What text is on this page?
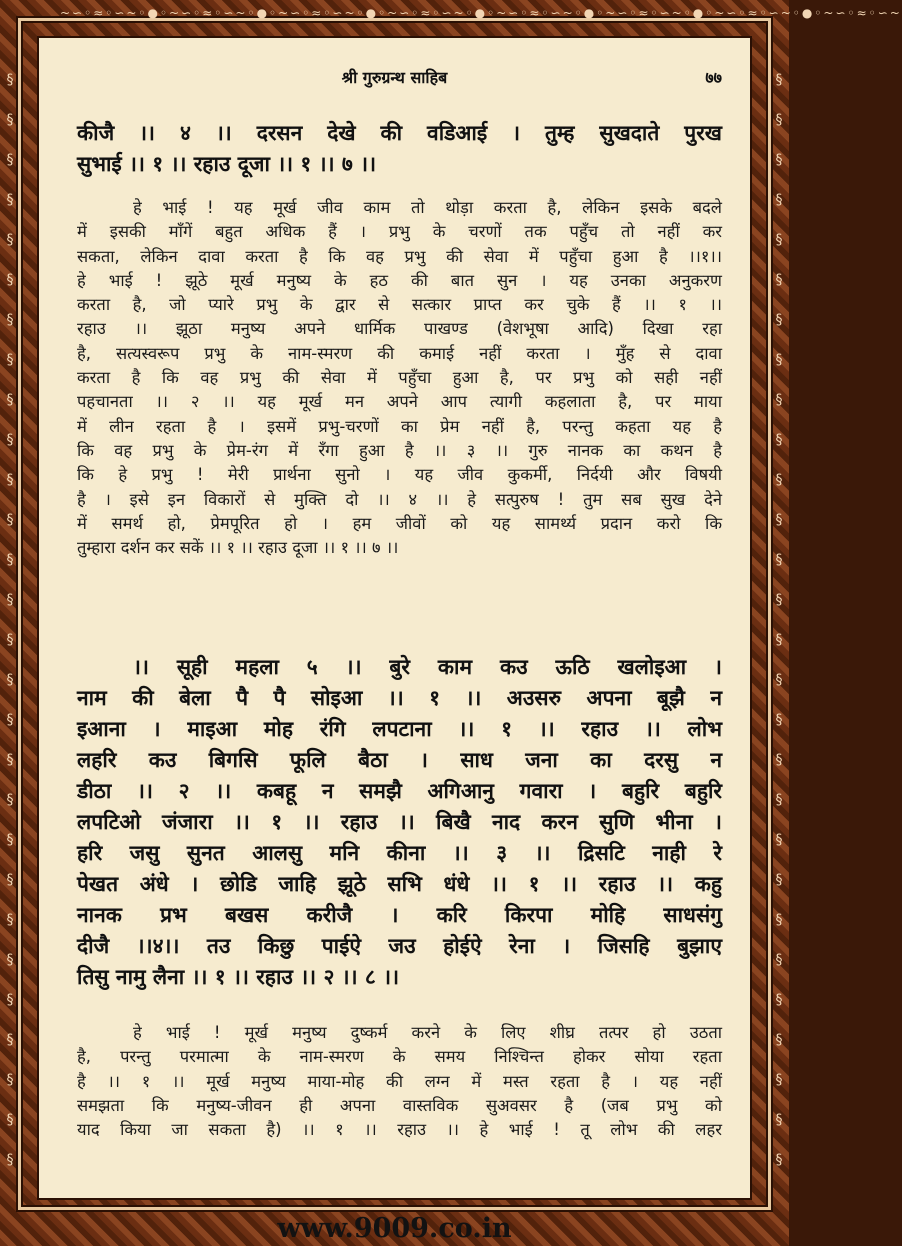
~∽◦≈◦∽~◦●◦~∽◦≈◦∽~◦●◦~∽◦≈◦∽~◦●◦~∽◦≈◦∽~◦●◦~∽◦≈◦∽~◦●◦~∽◦≈◦∽~◦●◦~∽◦≈◦∽~◦●◦~∽◦≈◦∽~
§ § § § § § § § § § § § § § § § § § § § § § § § § § § §
§ § § § § § § § § § § § § § § § § § § § § § § § § § § §
श्री गुरुग्रन्थ साहिब	७७
कीजै ।। ४ ।। दरसन देखे की वडिआई । तुम्ह सुखदाते पुरख
सुभाई ।। १ ।। रहाउ दूजा ।। १ ।। ७ ।।
हे भाई ! यह मूर्ख जीव काम तो थोड़ा करता है, लेकिन इसके बदले
में इसकी माँगें बहुत अधिक हैं । प्रभु के चरणों तक पहुँच तो नहीं कर
सकता, लेकिन दावा करता है कि वह प्रभु की सेवा में पहुँचा हुआ है ।।१।।
हे भाई ! झूठे मूर्ख मनुष्य के हठ की बात सुन । यह उनका अनुकरण
करता है, जो प्यारे प्रभु के द्वार से सत्कार प्राप्त कर चुके हैं ।। १ ।।
रहाउ ।। झूठा मनुष्य अपने धार्मिक पाखण्ड (वेशभूषा आदि) दिखा रहा
है, सत्यस्वरूप प्रभु के नाम-स्मरण की कमाई नहीं करता । मुँह से दावा
करता है कि वह प्रभु की सेवा में पहुँचा हुआ है, पर प्रभु को सही नहीं
पहचानता ।। २ ।। यह मूर्ख मन अपने आप त्यागी कहलाता है, पर माया
में लीन रहता है । इसमें प्रभु-चरणों का प्रेम नहीं है, परन्तु कहता यह है
कि वह प्रभु के प्रेम-रंग में रँगा हुआ है ।। ३ ।। गुरु नानक का कथन है
कि हे प्रभु ! मेरी प्रार्थना सुनो । यह जीव कुकर्मी, निर्दयी और विषयी
है । इसे इन विकारों से मुक्ति दो ।। ४ ।। हे सत्पुरुष ! तुम सब सुख देने
में समर्थ हो, प्रेमपूरित हो । हम जीवों को यह सामर्थ्य प्रदान करो कि
तुम्हारा दर्शन कर सकें ।। १ ।। रहाउ दूजा ।। १ ।। ७ ।।
।। सूही महला ५ ।। बुरे काम कउ ऊठि खलोइआ ।
नाम की बेला पै पै सोइआ ।। १ ।। अउसरु अपना बूझै न
इआना । माइआ मोह रंगि लपटाना ।। १ ।। रहाउ ।। लोभ
लहरि कउ बिगसि फूलि बैठा । साध जना का दरसु न
डीठा ।। २ ।। कबहू न समझै अगिआनु गवारा । बहुरि बहुरि
लपटिओ जंजारा ।। १ ।। रहाउ ।। बिखै नाद करन सुणि भीना ।
हरि जसु सुनत आलसु मनि कीना ।। ३ ।। द्रिसटि नाही रे
पेखत अंधे । छोडि जाहि झूठे सभि धंधे ।। १ ।। रहाउ ।। कहु
नानक प्रभ बखस करीजै । करि किरपा मोहि साधसंगु
दीजै ।।४।। तउ किछु पाईऐ जउ होईऐ रेना । जिसहि बुझाए
तिसु नामु लैना ।। १ ।। रहाउ ।। २ ।। ८ ।।
हे भाई ! मूर्ख मनुष्य दुष्कर्म करने के लिए शीघ्र तत्पर हो उठता
है, परन्तु परमात्मा के नाम-स्मरण के समय निश्चिन्त होकर सोया रहता
है ।। १ ।। मूर्ख मनुष्य माया-मोह की लग्न में मस्त रहता है । यह नहीं
समझता कि मनुष्य-जीवन ही अपना वास्तविक सुअवसर है (जब प्रभु को
याद किया जा सकता है) ।। १ ।। रहाउ ।। हे भाई ! तू लोभ की लहर
www.9009.co.in
